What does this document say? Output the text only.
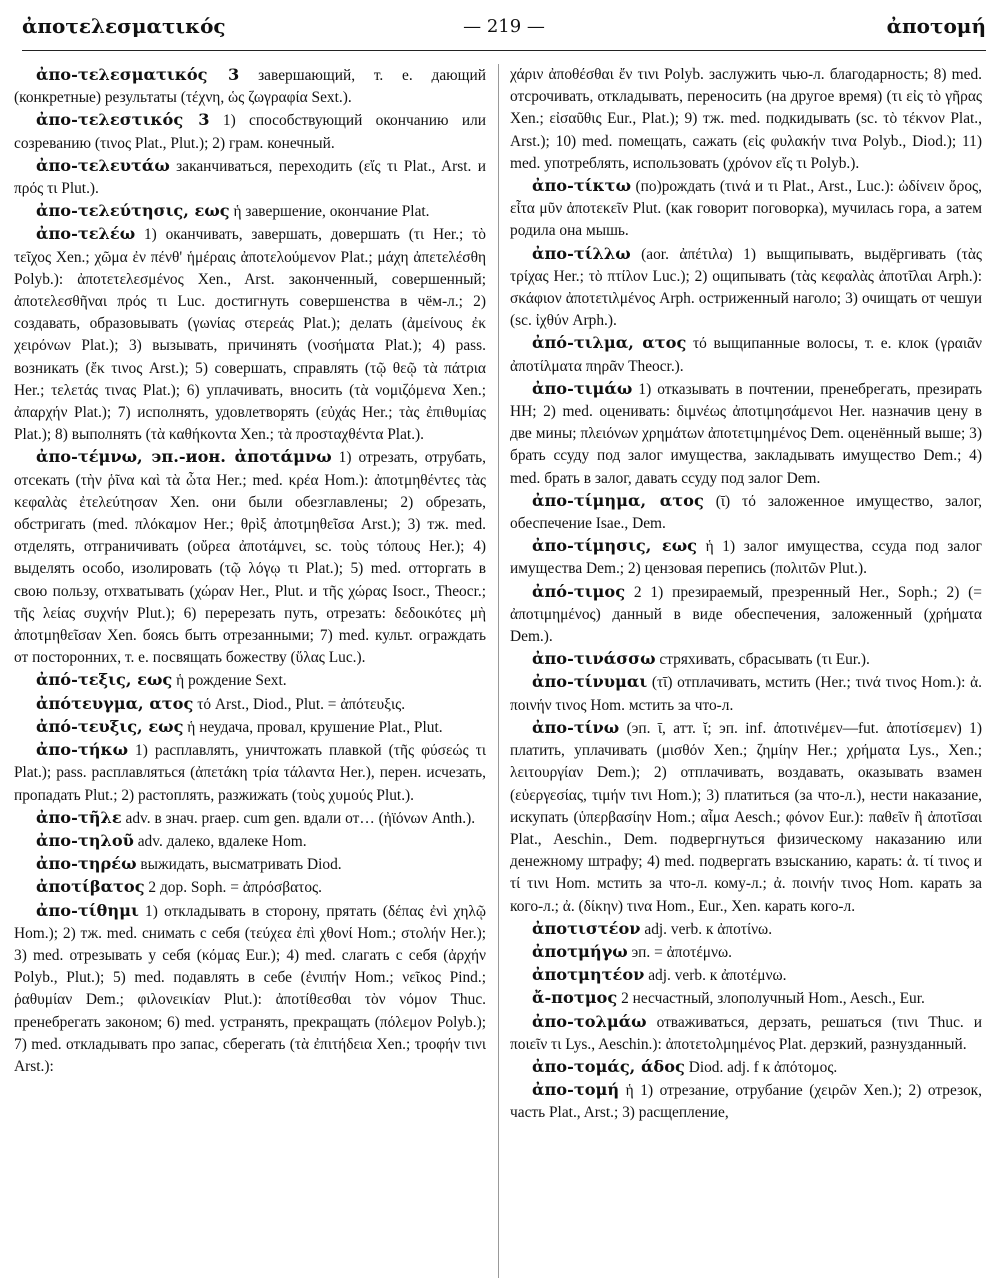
ἀποτελεσματικός	— 219 —	ἀποτομή

ἀπο-τελεσματικός 3 завершающий, т. е. дающий (конкретные) результаты (τέχνη, ὡς ζωγραφία Sext.).

ἀπο-τελεστικός 3 1) способствующий окончанию или созреванию (τινος Plat., Plut.); 2) грам. конечный.

ἀπο-τελευτάω заканчиваться, переходить (εἴς τι Plat., Arst. и πρός τι Plut.).

ἀπο-τελεύτησις, εως ἡ завершение, окончание Plat.

ἀπο-τελέω 1) оканчивать, завершать, довершать (τι Her.; τὸ τεῖχος Xen.; χῶμα ἐν πένθ' ἡμέραις ἀποτελούμενον Plat.; μάχη ἀπετελέσθη Polyb.): ἀποτετελεσμένος Xen., Arst. законченный, совершенный; ἀποτελεσθῆναι πρός τι Luc. достигнуть совершенства в чём-л.; 2) создавать, образовывать (γωνίας στερεάς Plat.); делать (ἀμείνους ἐκ χειρόνων Plat.); 3) вызывать, причинять (νοσήματα Plat.); 4) pass. возникать (ἔκ τινος Arst.); 5) совершать, справлять (τῷ θεῷ τὰ πάτρια Her.; τελετάς τινας Plat.); 6) уплачивать, вносить (τὰ νομιζόμενα Xen.; ἀπαρχήν Plat.); 7) исполнять, удовлетворять (εὐχάς Her.; τὰς ἐπιθυμίας Plat.); 8) выполнять (τὰ καθήκοντα Xen.; τὰ προσταχθέντα Plat.).

ἀπο-τέμνω, эп.-ион. ἀποτάμνω 1) отрезать, отрубать, отсекать (τὴν ῥῖνα καὶ τὰ ὦτα Her.; med. κρέα Hom.): ἀποτμηθέντες τὰς κεφαλὰς ἐτελεύτησαν Xen. они были обезглавлены; 2) обрезать, обстригать (med. πλόκαμον Her.; θρὶξ ἀποτμηθεῖσα Arst.); 3) тж. med. отделять, отграничивать (οὔρεα ἀποτάμνει, sc. τοὺς τόπους Her.); 4) выделять особо, изолировать (τῷ λόγῳ τι Plat.); 5) med. отторгать в свою пользу, отхватывать (χώραν Her., Plut. и τῆς χώρας Isocr., Theocr.; τῆς λείας συχνήν Plut.); 6) перерезать путь, отрезать: δεδοικότες μὴ ἀποτμηθεῖσαν Xen. боясь быть отрезанными; 7) med. культ. ограждать от посторонних, т. е. посвящать божеству (ὕλας Luc.).

ἀπό-τεξις, εως ἡ рождение Sext.

ἀπότευγμα, ατος τό Arst., Diod., Plut. = ἀπότευξις.

ἀπό-τευξις, εως ἡ неудача, провал, крушение Plat., Plut.

ἀπο-τήκω 1) расплавлять, уничтожать плавкой (τῆς φύσεώς τι Plat.); pass. расплавляться (ἀπετάκη τρία τάλαντα Her.), перен. исчезать, пропадать Plut.; 2) растоплять, разжижать (τοὺς χυμούς Plut.).

ἀπο-τῆλε adv. в знач. praep. cum gen. вдали от… (ἠϊόνων Anth.).

ἀπο-τηλοῦ adv. далеко, вдалеке Hom.

ἀπο-τηρέω выжидать, высматривать Diod.

ἀποτίβατος 2 дор. Soph. = ἀπρόσβατος.

ἀπο-τίθημι 1) откладывать в сторону, прятать (δέπας ἐνὶ χηλῷ Hom.); 2) тж. med. снимать с себя (τεύχεα ἐπὶ χθονί Hom.; στολήν Her.); 3) med. отрезывать у себя (κόμας Eur.); 4) med. слагать с себя (ἀρχήν Polyb., Plut.); 5) med. подавлять в себе (ἐνιπήν Hom.; νεῖκος Pind.; ῥαθυμίαν Dem.; φιλονεικίαν Plut.): ἀποτίθεσθαι τὸν νόμον Thuc. пренебрегать законом; 6) med. устранять, прекращать (πόλεμον Polyb.); 7) med. откладывать про запас, сберегать (τὰ ἐπιτήδεια Xen.; τροφήν τινι Arst.):

χάριν ἀποθέσθαι ἔν τινι Polyb. заслужить чью-л. благодарность; 8) med. отсрочивать, откладывать, переносить (на другое время) (τι εἰς τὸ γῆρας Xen.; εἰσαῦθις Eur., Plat.); 9) тж. med. подкидывать (sc. τὸ τέκνον Plat., Arst.); 10) med. помещать, сажать (εἰς φυλακήν τινα Polyb., Diod.); 11) med. употреблять, использовать (χρόνον εἴς τι Polyb.).

ἀπο-τίκτω (по)рождать (τινά и τι Plat., Arst., Luc.): ὠδίνειν ὄρος, εἶτα μῦν ἀποτεκεῖν Plut. (как говорит поговорка), мучилась гора, а затем родила она мышь.

ἀπο-τίλλω (aor. ἀπέτιλα) 1) выщипывать, выдёргивать (τὰς τρίχας Her.; τὸ πτίλον Luc.); 2) ощипывать (τὰς κεφαλὰς ἀποτῖλαι Arph.): σκάφιον ἀποτετιλμένος Arph. остриженный наголо; 3) очищать от чешуи (sc. ἰχθύν Arph.).

ἀπό-τιλμα, ατος τό выщипанные волосы, т. е. клок (γραιᾶν ἀποτίλματα πηρᾶν Theocr.).

ἀπο-τιμάω 1) отказывать в почтении, пренебрегать, презирать HH; 2) med. оценивать: διμνέως ἀποτιμησάμενοι Her. назначив цену в две мины; πλειόνων χρημάτων ἀποτετιμημένος Dem. оценённый выше; 3) брать ссуду под залог имущества, закладывать имущество Dem.; 4) med. брать в залог, давать ссуду под залог Dem.

ἀπο-τίμημα, ατος (ῑ) τό заложенное имущество, залог, обеспечение Isae., Dem.

ἀπο-τίμησις, εως ἡ 1) залог имущества, ссуда под залог имущества Dem.; 2) цензовая перепись (πολιτῶν Plut.).

ἀπό-τιμος 2 1) презираемый, презренный Her., Soph.; 2) (= ἀποτιμημένος) данный в виде обеспечения, заложенный (χρήματα Dem.).

ἀπο-τινάσσω стряхивать, сбрасывать (τι Eur.).

ἀπο-τίνυμαι (τῑ) отплачивать, мстить (Her.; τινά τινος Hom.): ἀ. ποινήν τινος Hom. мстить за что-л.

ἀπο-τίνω (эп. ῑ, атт. ῐ; эп. inf. ἀποτινέμεν—fut. ἀποτίσεμεν) 1) платить, уплачивать (μισθόν Xen.; ζημίην Her.; χρήματα Lys., Xen.; λειτουργίαν Dem.); 2) отплачивать, воздавать, оказывать взамен (εὐεργεσίας, τιμήν τινι Hom.); 3) платиться (за что-л.), нести наказание, искупать (ὑπερβασίην Hom.; αἷμα Aesch.; φόνον Eur.): παθεῖν ἢ ἀποτῖσαι Plat., Aeschin., Dem. подвергнуться физическому наказанию или денежному штрафу; 4) med. подвергать взысканию, карать: ἀ. τί τινος и τί τινι Hom. мстить за что-л. кому-л.; ἀ. ποινήν τινος Hom. карать за кого-л.; ἀ. (δίκην) τινα Hom., Eur., Xen. карать кого-л.

ἀποτιστέον adj. verb. к ἀποτίνω.

ἀποτμήγω эп. = ἀποτέμνω.

ἀποτμητέον adj. verb. к ἀποτέμνω.

ἄ-ποτμος 2 несчастный, злополучный Hom., Aesch., Eur.

ἀπο-τολμάω отваживаться, дерзать, решаться (τινι Thuc. и ποιεῖν τι Lys., Aeschin.): ἀποτετολμημένος Plat. дерзкий, разнузданный.

ἀπο-τομάς, άδος Diod. adj. f к ἀπότομος.

ἀπο-τομή ἡ 1) отрезание, отрубание (χειρῶν Xen.); 2) отрезок, часть Plat., Arst.; 3) расщепление,
